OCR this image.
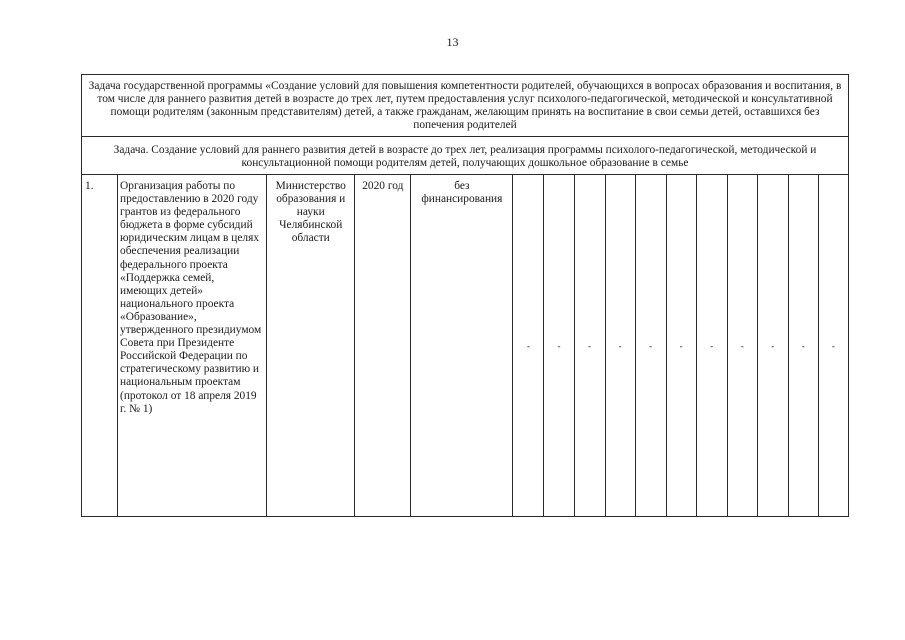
13
Задача государственной программы «Создание условий для повышения компетентности родителей, обучающихся в вопросах образования и воспитания, в том числе для раннего развития детей в возрасте до трех лет, путем предоставления услуг психолого-педагогической, методической и консультативной помощи родителям (законным представителям) детей, а также гражданам, желающим принять на воспитание в свои семьи детей, оставшихся без попечения родителей
Задача. Создание условий для раннего развития детей в возрасте до трех лет, реализация программы психолого-педагогической, методической и консультационной помощи родителям детей, получающих дошкольное образование в семье
1.	Организация работы по предоставлению в 2020 году грантов из федерального бюджета в форме субсидий юридическим лицам в целях обеспечения реализации федерального проекта «Поддержка семей, имеющих детей» национального проекта «Образование», утвержденного президиумом Совета при Президенте Российской Федерации по стратегическому развитию и национальным проектам (протокол от 18 апреля 2019 г. № 1)	Министерство образования и науки Челябинской области	2020 год	без финансирования	-	-	-	-	-	-	-	-	-	-	-
